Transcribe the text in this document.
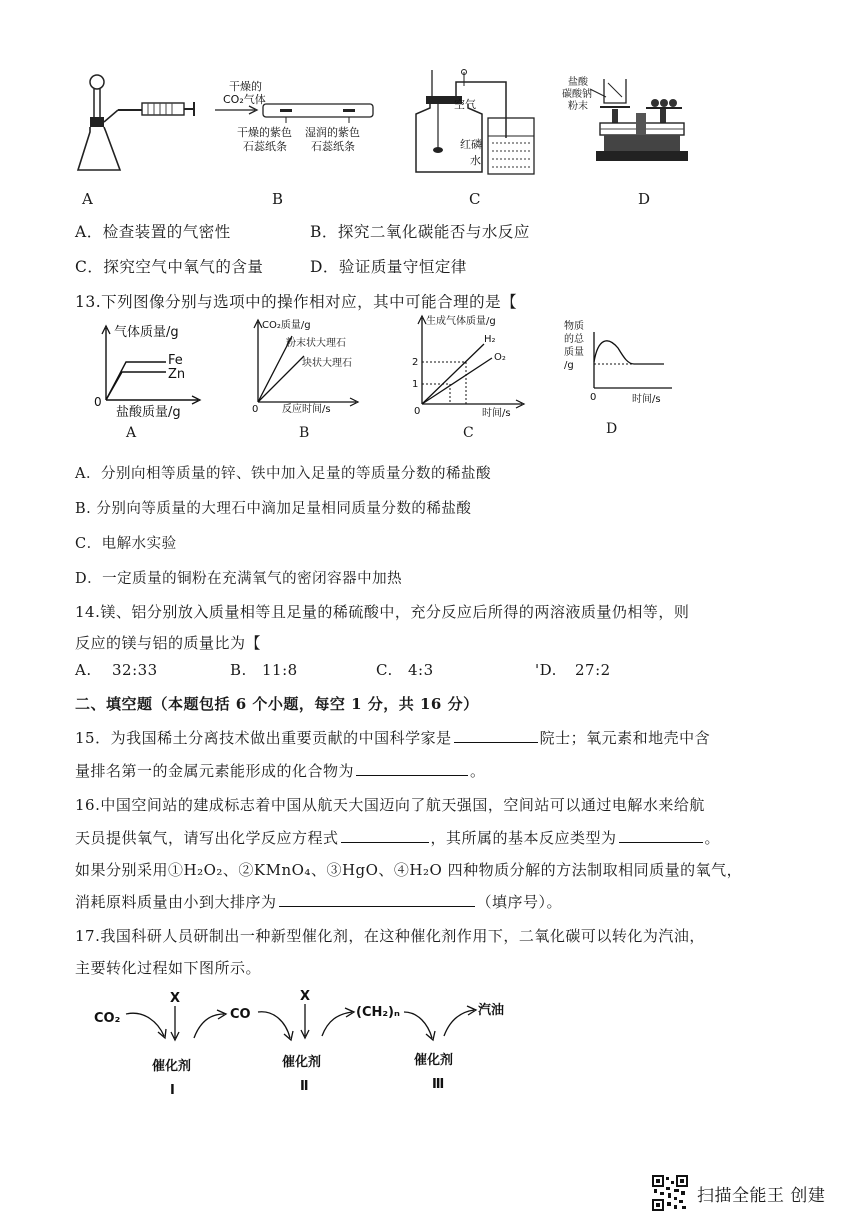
干燥的
CO₂气体
干燥的紫色
石蕊纸条
湿润的紫色
石蕊纸条
空气
红磷
水
盐酸
碳酸钠
粉末
A	B	C	D
A．检查装置的气密性	B．探究二氧化碳能否与水反应
C．探究空气中氧气的含量	D．验证质量守恒定律
13.下列图像分别与选项中的操作相对应，其中可能合理的是【
气体质量/g
Fe
Zn
0
盐酸质量/g
A
CO₂质量/g
粉末状大理石
块状大理石
0 反应时间/s
B
生成气体质量/g
H₂
O₂
2
1
0	时间/s
C
物质
的总
质量
/g
0	时间/s
D
A．分别向相等质量的锌、铁中加入足量的等质量分数的稀盐酸
B. 分别向等质量的大理石中滴加足量相同质量分数的稀盐酸
C．电解水实验
D．一定质量的铜粉在充满氧气的密闭容器中加热
14.镁、铝分别放入质量相等且足量的稀硫酸中，充分反应后所得的两溶液质量仍相等，则
反应的镁与铝的质量比为【
A. 32:33	B. 11:8	C. 4:3	'D. 27:2
二、填空题（本题包括 6 个小题，每空 1 分，共 16 分）
15．为我国稀土分离技术做出重要贡献的中国科学家是	院士；氧元素和地壳中含
量排名第一的金属元素能形成的化合物为	。
16.中国空间站的建成标志着中国从航天大国迈向了航天强国，空间站可以通过电解水来给航
天员提供氧气，请写出化学反应方程式	，其所属的基本反应类型为	。
如果分别采用①H₂O₂、②KMnO₄、③HgO、④H₂O 四种物质分解的方法制取相同质量的氧气，
消耗原料质量由小到大排序为	（填序号）。
17.我国科研人员研制出一种新型催化剂，在这种催化剂作用下，二氧化碳可以转化为汽油，
主要转化过程如下图所示。
CO₂
X
CO
X
(CH₂)ₙ	汽油
催化剂
Ⅰ
催化剂
Ⅱ
催化剂
Ⅲ
扫描全能王 创建
